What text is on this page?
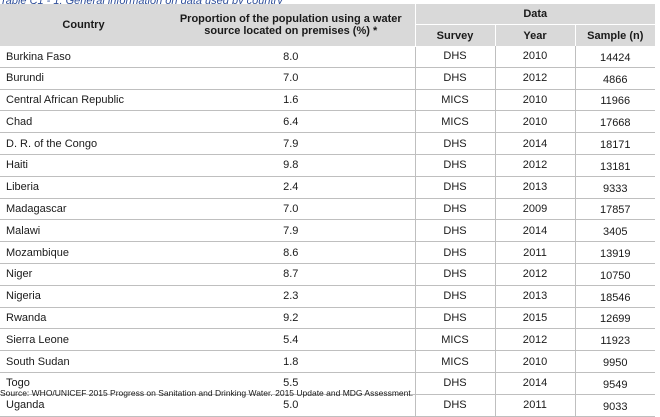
Country	Proportion of the population using a water source located on premises (%) *	Data		
		Survey	Year	Sample (n)
Burkina Faso	8.0	DHS	2010	14424
Burundi	7.0	DHS	2012	4866
Central African Republic	1.6	MICS	2010	11966
Chad	6.4	MICS	2010	17668
D. R. of the Congo	7.9	DHS	2014	18171
Haiti	9.8	DHS	2012	13181
Liberia	2.4	DHS	2013	9333
Madagascar	7.0	DHS	2009	17857
Malawi	7.9	DHS	2014	3405
Mozambique	8.6	DHS	2011	13919
Niger	8.7	DHS	2012	10750
Nigeria	2.3	DHS	2013	18546
Rwanda	9.2	DHS	2015	12699
Sierra Leone	5.4	MICS	2012	11923
South Sudan	1.8	MICS	2010	9950
Togo	5.5	DHS	2014	9549
Uganda	5.0	DHS	2011	9033
Source: WHO/UNICEF 2015 Progress on Sanitation and Drinking Water. 2015 Update and MDG Assessment.
